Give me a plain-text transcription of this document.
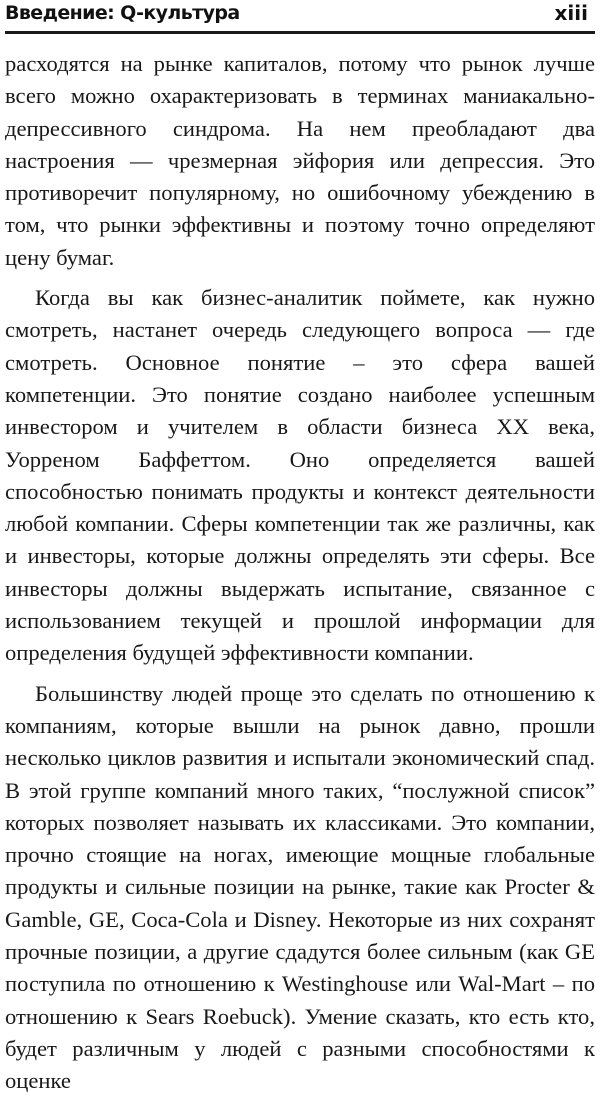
Введение: Q-культура	xiii

расходятся на рынке капиталов, потому что рынок лучше всего можно охарактеризовать в терминах маниакально-депрессивного синдрома. На нем преобладают два настроения — чрезмерная эйфория или депрессия. Это противоречит популярному, но ошибочному убеждению в том, что рынки эффективны и поэтому точно определяют цену бумаг.

Когда вы как бизнес-аналитик поймете, как нужно смотреть, настанет очередь следующего вопроса — где смотреть. Основное понятие – это сфера вашей компетенции. Это понятие создано наиболее успешным инвестором и учителем в области бизнеса XX века, Уорреном Баффеттом. Оно определяется вашей способностью понимать продукты и контекст деятельности любой компании. Сферы компетенции так же различны, как и инвесторы, которые должны определять эти сферы. Все инвесторы должны выдержать испытание, связанное с использованием текущей и прошлой информации для определения будущей эффективности компании.

Большинству людей проще это сделать по отношению к компаниям, которые вышли на рынок давно, прошли несколько циклов развития и испытали экономический спад. В этой группе компаний много таких, “послужной список” которых позволяет называть их классиками. Это компании, прочно стоящие на ногах, имеющие мощные глобальные продукты и сильные позиции на рынке, такие как Procter & Gamble, GE, Coca-Cola и Disney. Некоторые из них сохранят прочные позиции, а другие сдадутся более сильным (как GE поступила по отношению к Westinghouse или Wal-Mart – по отношению к Sears Roebuck). Умение сказать, кто есть кто, будет различным у людей с разными способностями к оценке
